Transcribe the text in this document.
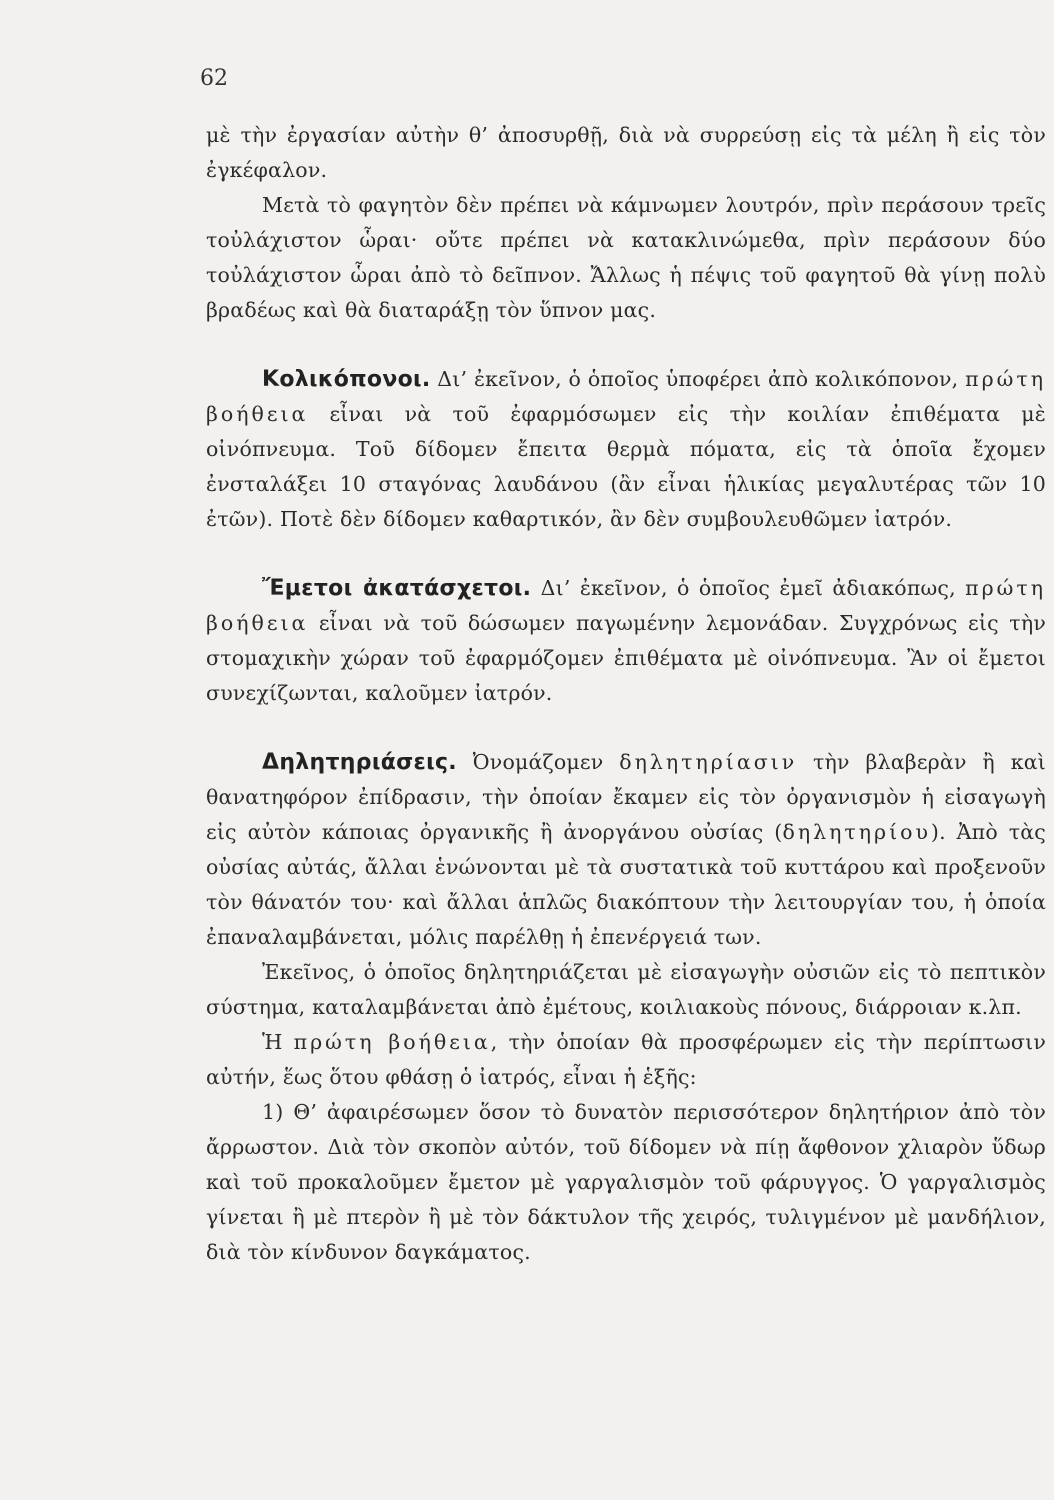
62

μὲ τὴν ἐργασίαν αὐτὴν θ’ ἀποσυρθῇ, διὰ νὰ συρρεύσῃ εἰς τὰ μέλη ἢ εἰς τὸν ἐγκέφαλον.

Μετὰ τὸ φαγητὸν δὲν πρέπει νὰ κάμνωμεν λουτρόν, πρὶν περάσουν τρεῖς τοὐλάχιστον ὧραι· οὔτε πρέπει νὰ κατακλινώμεθα, πρὶν περάσουν δύο τοὐλάχιστον ὧραι ἀπὸ τὸ δεῖπνον. Ἄλλως ἡ πέψις τοῦ φαγητοῦ θὰ γίνῃ πολὺ βραδέως καὶ θὰ διαταράξῃ τὸν ὕπνον μας.

Κολικόπονοι. Δι’ ἐκεῖνον, ὁ ὁποῖος ὑποφέρει ἀπὸ κολικόπονον, πρώτη βοήθεια εἶναι νὰ τοῦ ἐφαρμόσωμεν εἰς τὴν κοιλίαν ἐπιθέματα μὲ οἰνόπνευμα. Τοῦ δίδομεν ἔπειτα θερμὰ πόματα, εἰς τὰ ὁποῖα ἔχομεν ἐνσταλάξει 10 σταγόνας λαυδάνου (ἂν εἶναι ἡλικίας μεγαλυτέρας τῶν 10 ἐτῶν). Ποτὲ δὲν δίδομεν καθαρτικόν, ἂν δὲν συμβουλευθῶμεν ἰατρόν.

Ἔμετοι ἀκατάσχετοι. Δι’ ἐκεῖνον, ὁ ὁποῖος ἐμεῖ ἀδιακόπως, πρώτη βοήθεια εἶναι νὰ τοῦ δώσωμεν παγωμένην λεμονάδαν. Συγχρόνως εἰς τὴν στομαχικὴν χώραν τοῦ ἐφαρμόζομεν ἐπιθέματα μὲ οἰνόπνευμα. Ἂν οἱ ἔμετοι συνεχίζωνται, καλοῦμεν ἰατρόν.

Δηλητηριάσεις. Ὀνομάζομεν δηλητηρίασιν τὴν βλαβερὰν ἢ καὶ θανατηφόρον ἐπίδρασιν, τὴν ὁποίαν ἔκαμεν εἰς τὸν ὀργανισμὸν ἡ εἰσαγωγὴ εἰς αὐτὸν κάποιας ὀργανικῆς ἢ ἀνοργάνου οὐσίας (δηλητηρίου). Ἀπὸ τὰς οὐσίας αὐτάς, ἄλλαι ἑνώνονται μὲ τὰ συστατικὰ τοῦ κυττάρου καὶ προξενοῦν τὸν θάνατόν του· καὶ ἄλλαι ἁπλῶς διακόπτουν τὴν λειτουργίαν του, ἡ ὁποία ἐπαναλαμβάνεται, μόλις παρέλθῃ ἡ ἐπενέργειά των.

Ἐκεῖνος, ὁ ὁποῖος δηλητηριάζεται μὲ εἰσαγωγὴν οὐσιῶν εἰς τὸ πεπτικὸν σύστημα, καταλαμβάνεται ἀπὸ ἐμέτους, κοιλιακοὺς πόνους, διάρροιαν κ.λπ.

Ἡ πρώτη βοήθεια, τὴν ὁποίαν θὰ προσφέρωμεν εἰς τὴν περίπτωσιν αὐτήν, ἕως ὅτου φθάσῃ ὁ ἰατρός, εἶναι ἡ ἑξῆς:

1) Θ’ ἀφαιρέσωμεν ὅσον τὸ δυνατὸν περισσότερον δηλητήριον ἀπὸ τὸν ἄρρωστον. Διὰ τὸν σκοπὸν αὐτόν, τοῦ δίδομεν νὰ πίῃ ἄφθονον χλιαρὸν ὕδωρ καὶ τοῦ προκαλοῦμεν ἔμετον μὲ γαργαλισμὸν τοῦ φάρυγγος. Ὁ γαργαλισμὸς γίνεται ἢ μὲ πτερὸν ἢ μὲ τὸν δάκτυλον τῆς χειρός, τυλιγμένον μὲ μανδήλιον, διὰ τὸν κίνδυνον δαγκάματος.
